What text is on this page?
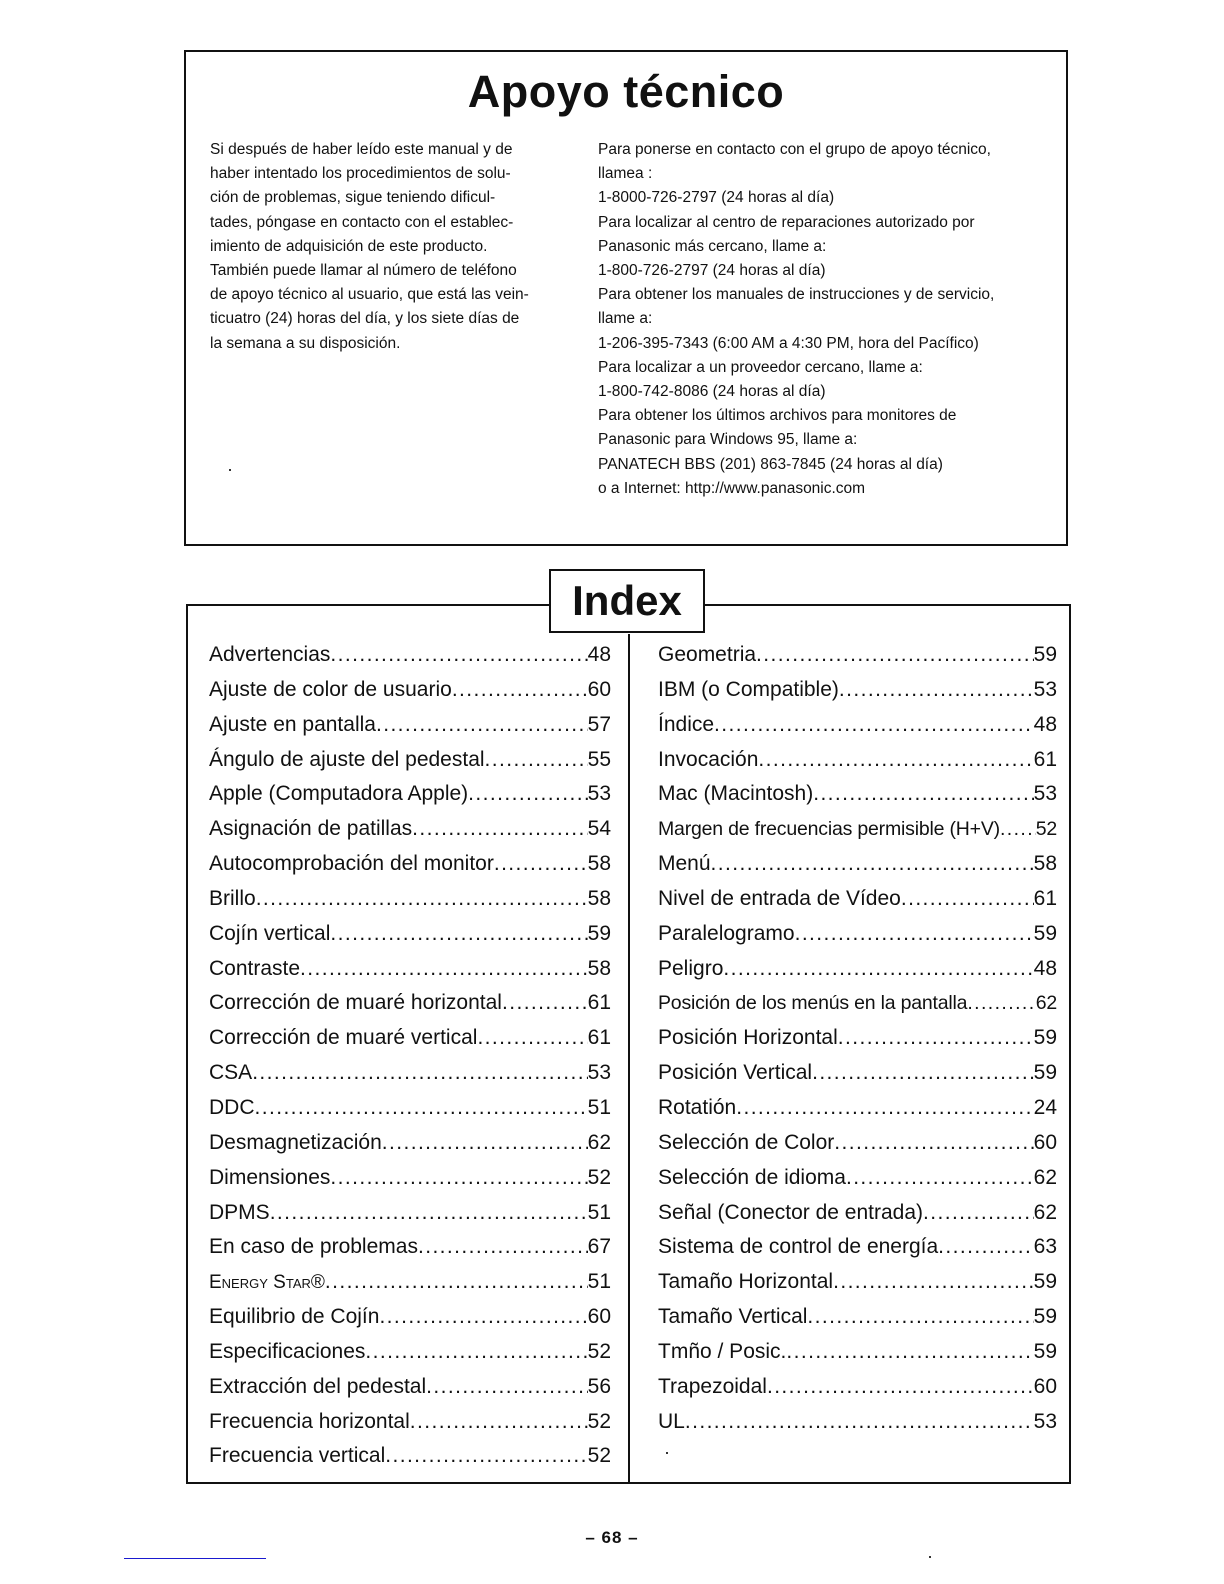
Apoyo técnico

Si después de haber leído este manual y de
haber intentado los procedimientos de solu-
ción de problemas, sigue teniendo dificul-
tades, póngase en contacto con el establec-
imiento de adquisición de este producto.
También puede llamar al número de teléfono
de apoyo técnico al usuario, que está las vein-
ticuatro (24) horas del día, y los siete días de
la semana a su disposición.

Para ponerse en contacto con el grupo de apoyo técnico,
llamea :
1-8000-726-2797 (24 horas al día)
Para localizar al centro de reparaciones autorizado por
Panasonic más cercano, llame a:
1-800-726-2797 (24 horas al día)
Para obtener los manuales de instrucciones y de servicio,
llame a:
1-206-395-7343 (6:00 AM a 4:30 PM, hora del Pacífico)
Para localizar a un proveedor cercano, llame a:
1-800-742-8086 (24 horas al día)
Para obtener los últimos archivos para monitores de
Panasonic para Windows 95, llame a:
PANATECH BBS (201) 863-7845 (24 horas al día)
o a Internet: http://www.panasonic.com

Index
Advertencias .....	48
Ajuste de color de usuario .....	60
Ajuste en pantalla .....	57
Ángulo de ajuste del pedestal .....	55
Apple (Computadora Apple) .....	53
Asignación de patillas .....	54
Autocomprobación del monitor .....	58
Brillo .....	58
Cojín vertical .....	59
Contraste .....	58
Corrección de muaré horizontal .....	61
Corrección de muaré vertical .....	61
CSA .....	53
DDC .....	51
Desmagnetización .....	62
Dimensiones .....	52
DPMS .....	51
En caso de problemas .....	67
Energy Star® .....	51
Equilibrio de Cojín .....	60
Especificaciones .....	52
Extracción del pedestal .....	56
Frecuencia horizontal .....	52
Frecuencia vertical .....	52
Geometria .....	59
IBM (o Compatible) .....	53
Índice .....	48
Invocación .....	61
Mac (Macintosh) .....	53
Margen de frecuencias permisible (H+V) ..... 52
Menú .....	58
Nivel de entrada de Vídeo .....	61
Paralelogramo .....	59
Peligro .....	48
Posición de los menús en la pantalla .....	62
Posición Horizontal .....	59
Posición Vertical .....	59
Rotatión .....	24
Selección de Color .....	60
Selección de idioma .....	62
Señal (Conector de entrada) .....	62
Sistema de control de energía .....	63
Tamaño Horizontal .....	59
Tamaño Vertical .....	59
Tmño / Posic. .....	59
Trapezoidal .....	60
UL .....	53
– 68 –
